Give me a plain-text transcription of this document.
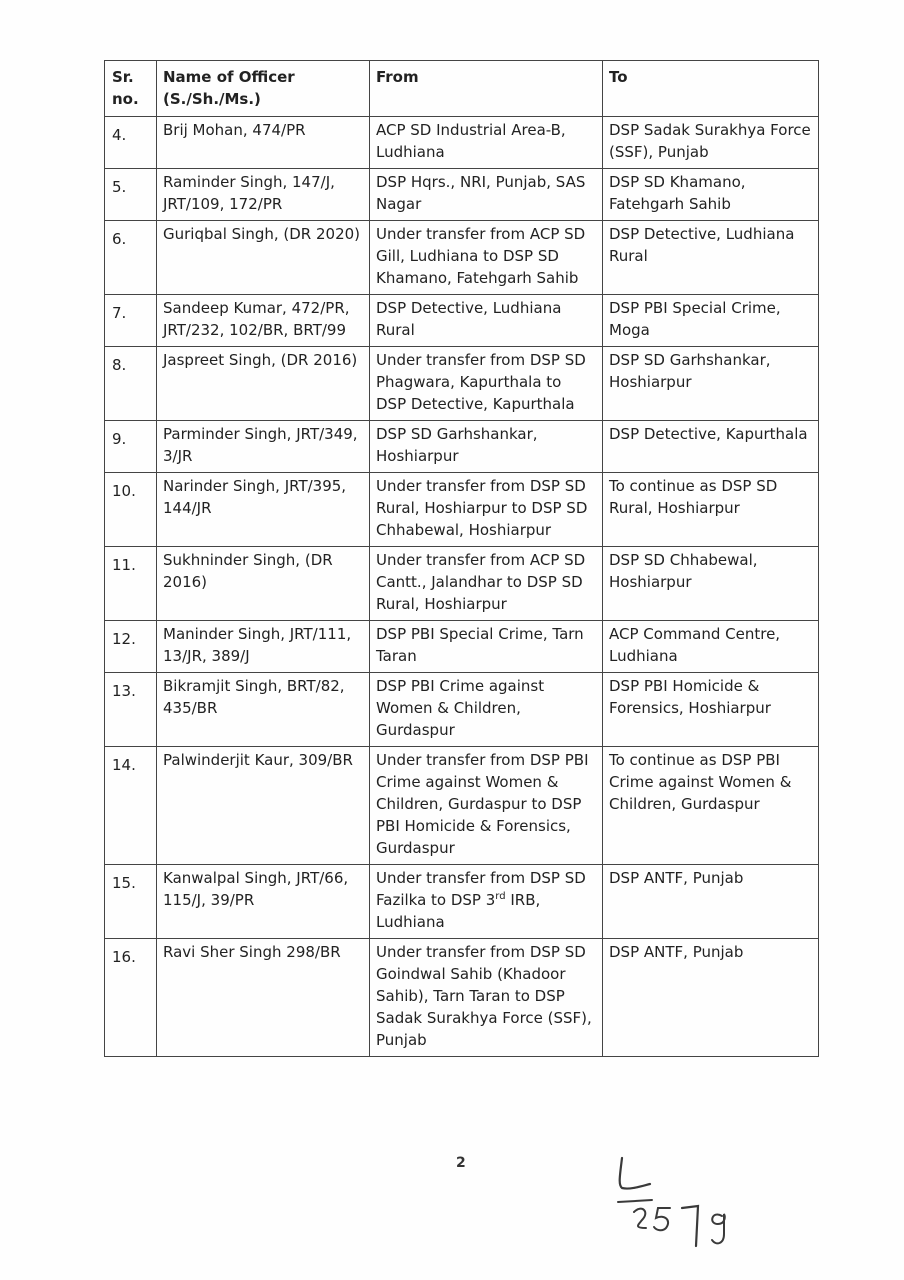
Sr. no.	Name of Officer (S./Sh./Ms.)	From	To
4.	Brij Mohan, 474/PR	ACP SD Industrial Area-B, Ludhiana	DSP Sadak Surakhya Force (SSF), Punjab
5.	Raminder Singh, 147/J, JRT/109, 172/PR	DSP Hqrs., NRI, Punjab, SAS Nagar	DSP SD Khamano, Fatehgarh Sahib
6.	Guriqbal Singh, (DR 2020)	Under transfer from ACP SD Gill, Ludhiana to DSP SD Khamano, Fatehgarh Sahib	DSP Detective, Ludhiana Rural
7.	Sandeep Kumar, 472/PR, JRT/232, 102/BR, BRT/99	DSP Detective, Ludhiana Rural	DSP PBI Special Crime, Moga
8.	Jaspreet Singh, (DR 2016)	Under transfer from DSP SD Phagwara, Kapurthala to DSP Detective, Kapurthala	DSP SD Garhshankar, Hoshiarpur
9.	Parminder Singh, JRT/349, 3/JR	DSP SD Garhshankar, Hoshiarpur	DSP Detective, Kapurthala
10.	Narinder Singh, JRT/395, 144/JR	Under transfer from DSP SD Rural, Hoshiarpur to DSP SD Chhabewal, Hoshiarpur	To continue as DSP SD Rural, Hoshiarpur
11.	Sukhninder Singh, (DR 2016)	Under transfer from ACP SD Cantt., Jalandhar to DSP SD Rural, Hoshiarpur	DSP SD Chhabewal, Hoshiarpur
12.	Maninder Singh, JRT/111, 13/JR, 389/J	DSP PBI Special Crime, Tarn Taran	ACP Command Centre, Ludhiana
13.	Bikramjit Singh, BRT/82, 435/BR	DSP PBI Crime against Women & Children, Gurdaspur	DSP PBI Homicide & Forensics, Hoshiarpur
14.	Palwinderjit Kaur, 309/BR	Under transfer from DSP PBI Crime against Women & Children, Gurdaspur to DSP PBI Homicide & Forensics, Gurdaspur	To continue as DSP PBI Crime against Women & Children, Gurdaspur
15.	Kanwalpal Singh, JRT/66, 115/J, 39/PR	Under transfer from DSP SD Fazilka to DSP 3rd IRB, Ludhiana	DSP ANTF, Punjab
16.	Ravi Sher Singh 298/BR	Under transfer from DSP SD Goindwal Sahib (Khadoor Sahib), Tarn Taran to DSP Sadak Surakhya Force (SSF), Punjab	DSP ANTF, Punjab
2
